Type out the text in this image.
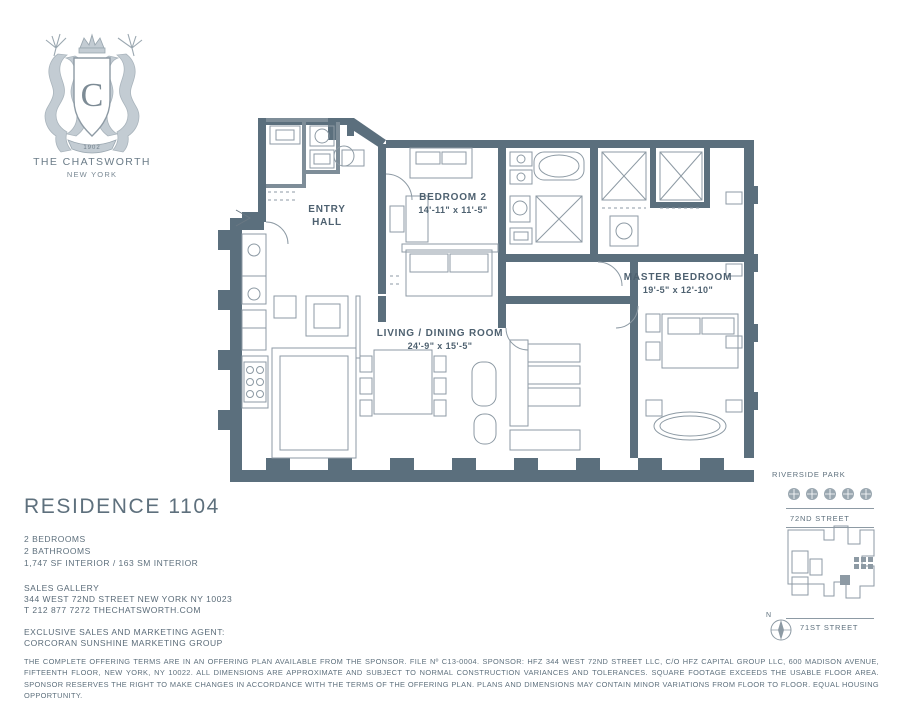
C
1902
THE CHATSWORTH
NEW YORK
ENTRY
HALL
BEDROOM 2
14'-11" x 11'-5"
MASTER BEDROOM
19'-5" x 12'-10"
LIVING / DINING ROOM
24'-9" x 15'-5"
RESIDENCE 1104
2 BEDROOMS
2 BATHROOMS
1,747 SF INTERIOR / 163 SM INTERIOR
SALES GALLERY
344 WEST 72ND STREET NEW YORK NY 10023
T 212 877 7272 THECHATSWORTH.COM
EXCLUSIVE SALES AND MARKETING AGENT:
CORCORAN SUNSHINE MARKETING GROUP
THE COMPLETE OFFERING TERMS ARE IN AN OFFERING PLAN AVAILABLE FROM THE SPONSOR. FILE Nº C13-0004. SPONSOR: HFZ 344 WEST 72ND STREET LLC, C/O HFZ CAPITAL GROUP LLC, 600 MADISON AVENUE, FIFTEENTH FLOOR, NEW YORK, NY 10022. ALL DIMENSIONS ARE APPROXIMATE AND SUBJECT TO NORMAL CONSTRUCTION VARIANCES AND TOLERANCES. SQUARE FOOTAGE EXCEEDS THE USABLE FLOOR AREA. SPONSOR RESERVES THE RIGHT TO MAKE CHANGES IN ACCORDANCE WITH THE TERMS OF THE OFFERING PLAN. PLANS AND DIMENSIONS MAY CONTAIN MINOR VARIATIONS FROM FLOOR TO FLOOR. EQUAL HOUSING OPPORTUNITY.
RIVERSIDE PARK
72ND STREET
71ST STREET
N
